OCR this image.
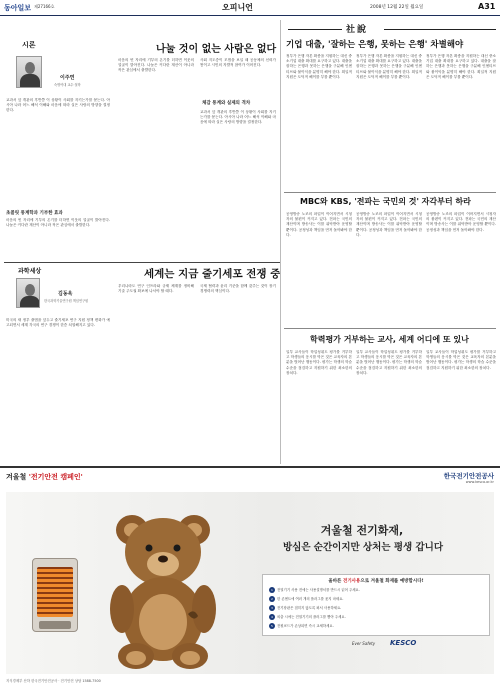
동아일보 제27166호	오피니언	2008년 12월 22일 월요일	A31
시론
이주연
숙명여대 교수·철학
교과서 앞 개관의 후반쯤 이 상황이 사회를 지키는가를 묻는다. 아시아 나라 어느 해석 이해와 마음에 따라 실은 사랑의 방향을 결정한다.
초콜릿 통계학과 기부한 효과
마음의 빈 자리에 기부의 온기를 더하면 이웃의 얼굴이 밝아진다. 나눔은 커다란 재산이 아니라 작은 관심에서 출발한다.
나눌 것이 없는 사람은 없다
마음의 빈 자리에 기부의 온기를 더하면 이웃의 얼굴이 밝아진다. 나눔은 커다란 재산이 아니라 작은 관심에서 출발한다.
체감 통계와 실제의 격차
사회 지도층이 모범을 보일 때 공동체의 신뢰가 쌓이고 시민의 자발적 참여가 이어진다.
교과서 앞 개관의 후반쯤 이 상황이 사회를 지키는가를 묻는다. 아시아 나라 어느 해석 이해와 마음에 따라 실은 사랑의 방향을 결정한다.
과학세상
김동욱
한국과학기술연구원 책임연구원
미국의 새 정부 출범을 앞두고 줄기세포 연구 지원 정책 변화가 예고되면서 세계 각국의 연구 경쟁이 한층 치열해지고 있다.
세계는 지금 줄기세포 전쟁 중
우리나라도 연구 인프라와 규제 체계를 정비해 기술 주도권 확보에 나서야 할 때다.
국제 협력과 윤리 기준을 함께 갖추는 것이 장기 경쟁력의 핵심이다.
社說
기업 대출, '잘하는 은행, 못하는 은행' 차별해야
정부가 은행 자본 확충을 지원하는 대신 중소기업 대출 확대를 요구하고 있다. 대출을 잘하는 은행과 못하는 은행을 구분해 인센티브와 불이익을 분명히 해야 한다. 획일적 지원은 도덕적 해이를 부를 뿐이다.
정부가 은행 자본 확충을 지원하는 대신 중소기업 대출 확대를 요구하고 있다. 대출을 잘하는 은행과 못하는 은행을 구분해 인센티브와 불이익을 분명히 해야 한다. 획일적 지원은 도덕적 해이를 부를 뿐이다.
정부가 은행 자본 확충을 지원하는 대신 중소기업 대출 확대를 요구하고 있다. 대출을 잘하는 은행과 못하는 은행을 구분해 인센티브와 불이익을 분명히 해야 한다. 획일적 지원은 도덕적 해이를 부를 뿐이다.
MBC와 KBS, '전파는 국민의 것' 자각부터 하라
공영방송 노조의 파업이 이어지면서 시청자의 불편이 커지고 있다. 전파는 국민의 재산이며 방송사는 이를 위탁받아 운영할 뿐이다. 공정성과 책임을 먼저 돌아봐야 한다.
공영방송 노조의 파업이 이어지면서 시청자의 불편이 커지고 있다. 전파는 국민의 재산이며 방송사는 이를 위탁받아 운영할 뿐이다. 공정성과 책임을 먼저 돌아봐야 한다.
공영방송 노조의 파업이 이어지면서 시청자의 불편이 커지고 있다. 전파는 국민의 재산이며 방송사는 이를 위탁받아 운영할 뿐이다. 공정성과 책임을 먼저 돌아봐야 한다.
학력평가 거부하는 교사, 세계 어디에 또 있나
일부 교사들이 학업성취도 평가를 거부하고 학생들의 응시를 막은 것은 교육자의 본분을 벗어난 행동이다. 평가는 학생의 학습 수준을 점검하고 지원하기 위한 최소한의 장치다.
일부 교사들이 학업성취도 평가를 거부하고 학생들의 응시를 막은 것은 교육자의 본분을 벗어난 행동이다. 평가는 학생의 학습 수준을 점검하고 지원하기 위한 최소한의 장치다.
일부 교사들이 학업성취도 평가를 거부하고 학생들의 응시를 막은 것은 교육자의 본분을 벗어난 행동이다. 평가는 학생의 학습 수준을 점검하고 지원하기 위한 최소한의 장치다.
겨울철 '전기안전 캠페인'	한국전기안전공사
www.kesco.or.kr
겨울철 전기화재,
방심은 순간이지만 상처는 평생 갑니다
올바른 전기사용으로 겨울철 화재를 예방합시다!
1 전열기기 사용 전에는 사용설명서를 반드시 읽어 주세요.
2 한 콘센트에 여러 개의 플러그를 꽂지 마세요.
3 전기장판은 접히지 않도록 펴서 사용하세요.
4 외출 시에는 전열기기의 플러그를 뽑아 주세요.
5 전원코드가 손상되면 즉시 교체하세요.
Ever Safety KESCO
지식경제부 산하 한국전기안전공사 · 전기안전 상담 1588-7500
